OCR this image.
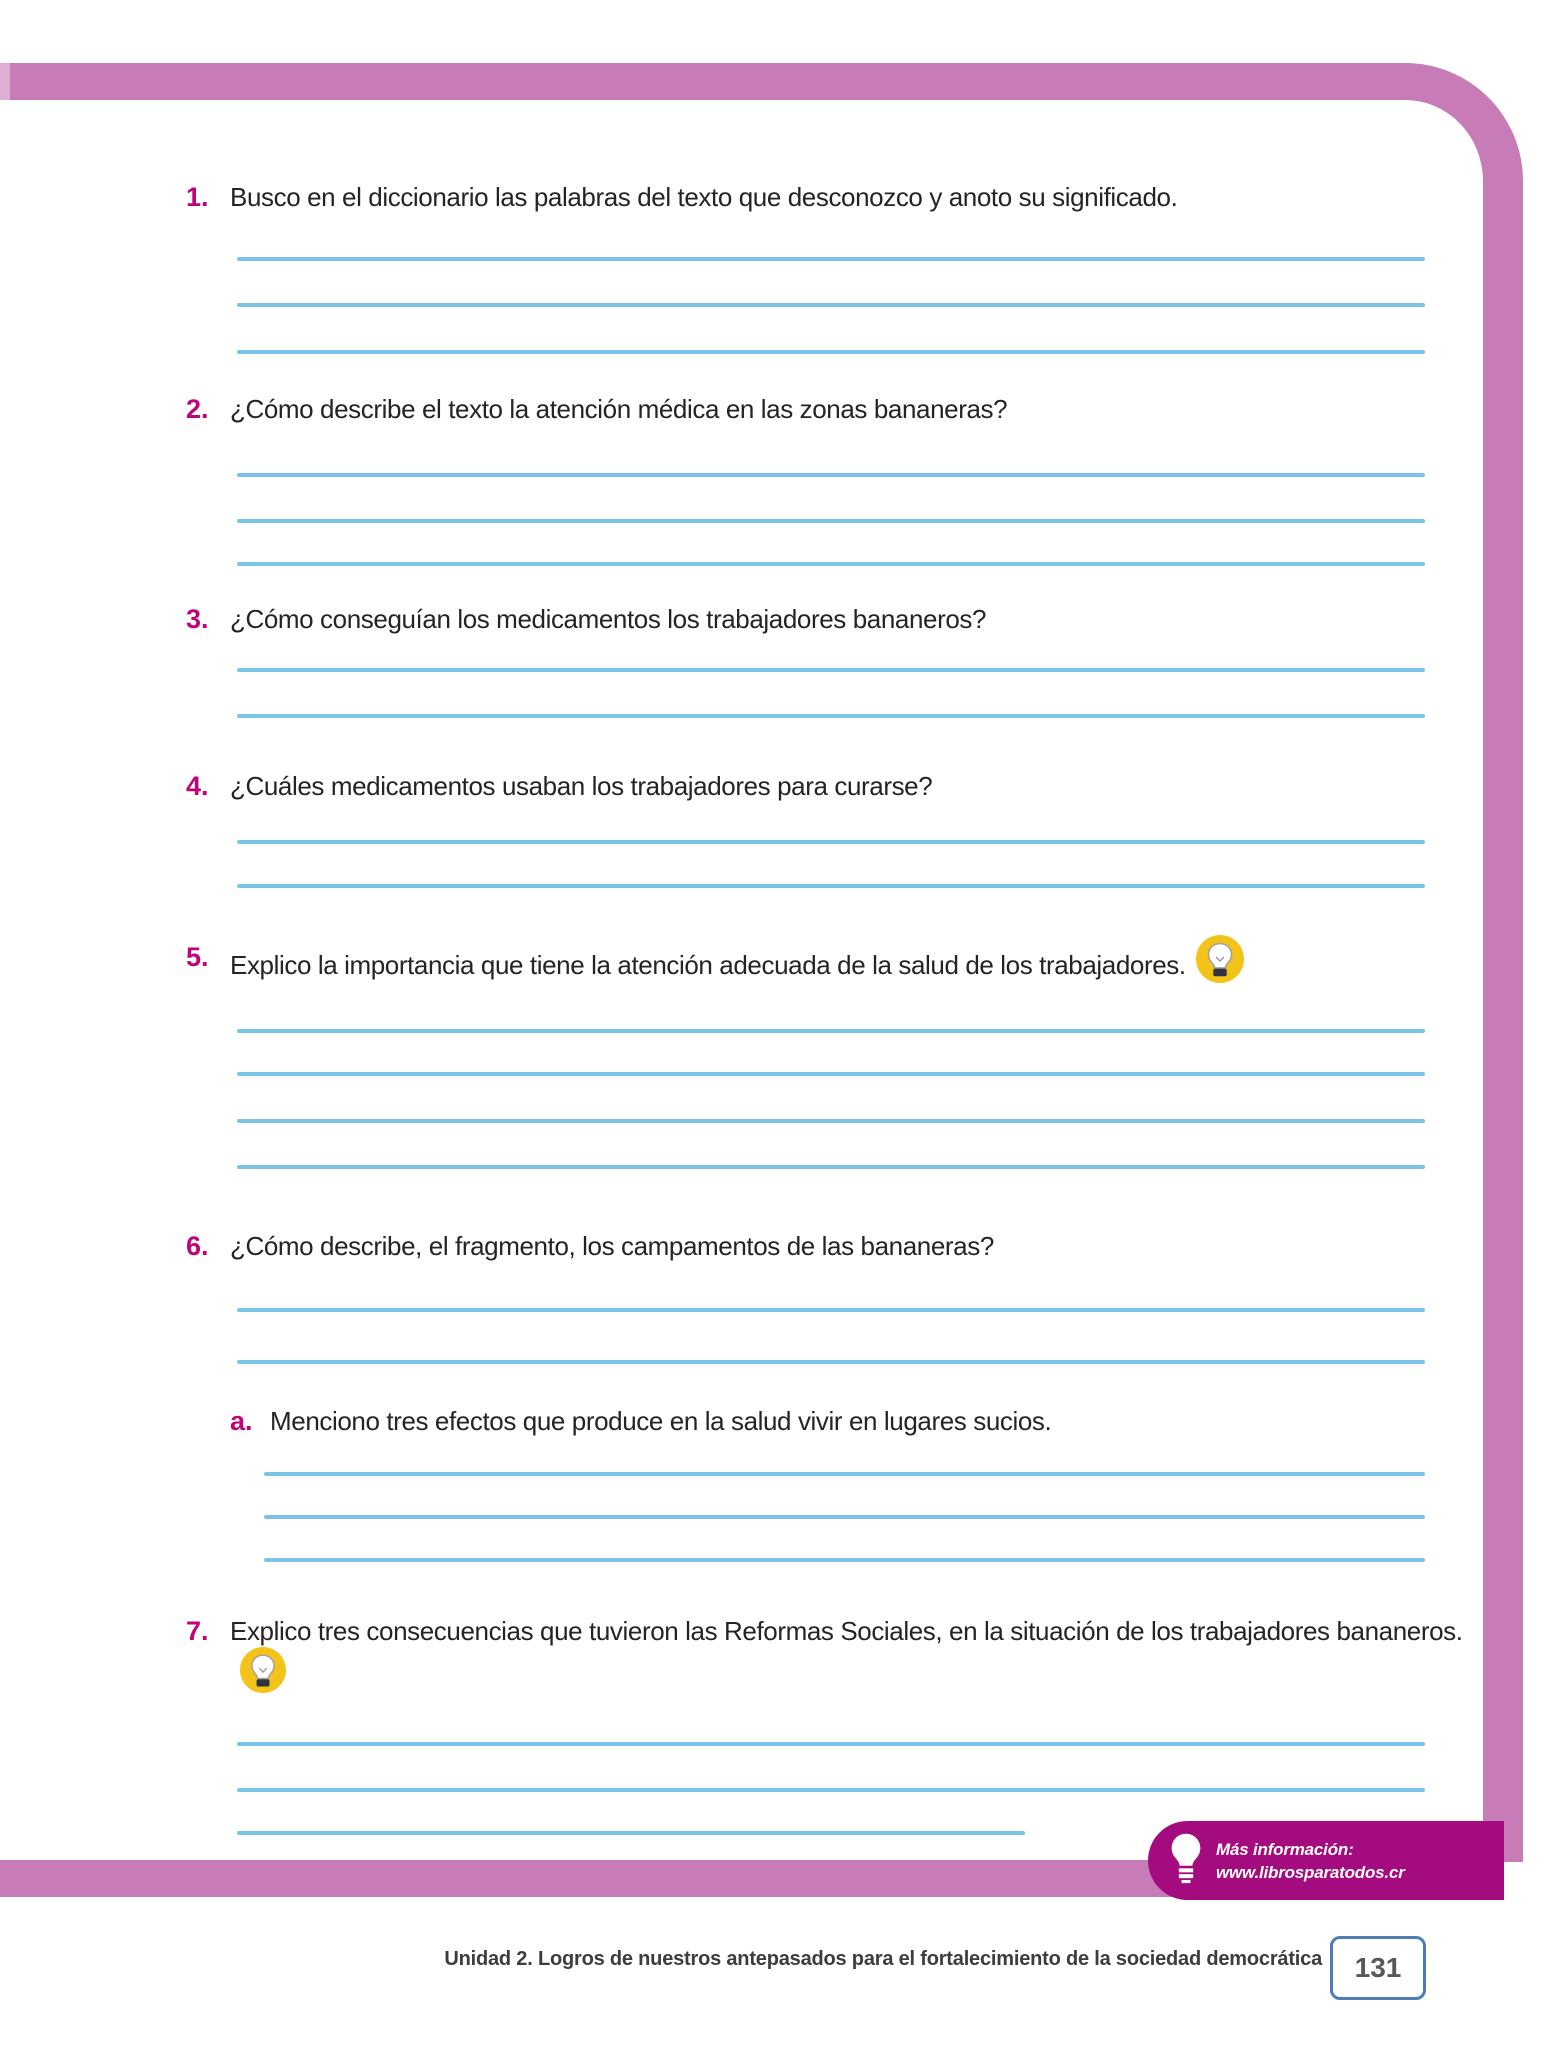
1. Busco en el diccionario las palabras del texto que desconozco y anoto su significado.

2. ¿Cómo describe el texto la atención médica en las zonas bananeras?

3. ¿Cómo conseguían los medicamentos los trabajadores bananeros?

4. ¿Cuáles medicamentos usaban los trabajadores para curarse?

5. Explico la importancia que tiene la atención adecuada de la salud de los trabajadores.

6. ¿Cómo describe, el fragmento, los campamentos de las bananeras?

a. Menciono tres efectos que produce en la salud vivir en lugares sucios.

7. Explico tres consecuencias que tuvieron las Reformas Sociales, en la situación de los trabajadores bananeros.

Más información:
www.librosparatodos.cr
Unidad 2. Logros de nuestros antepasados para el fortalecimiento de la sociedad democrática	131
